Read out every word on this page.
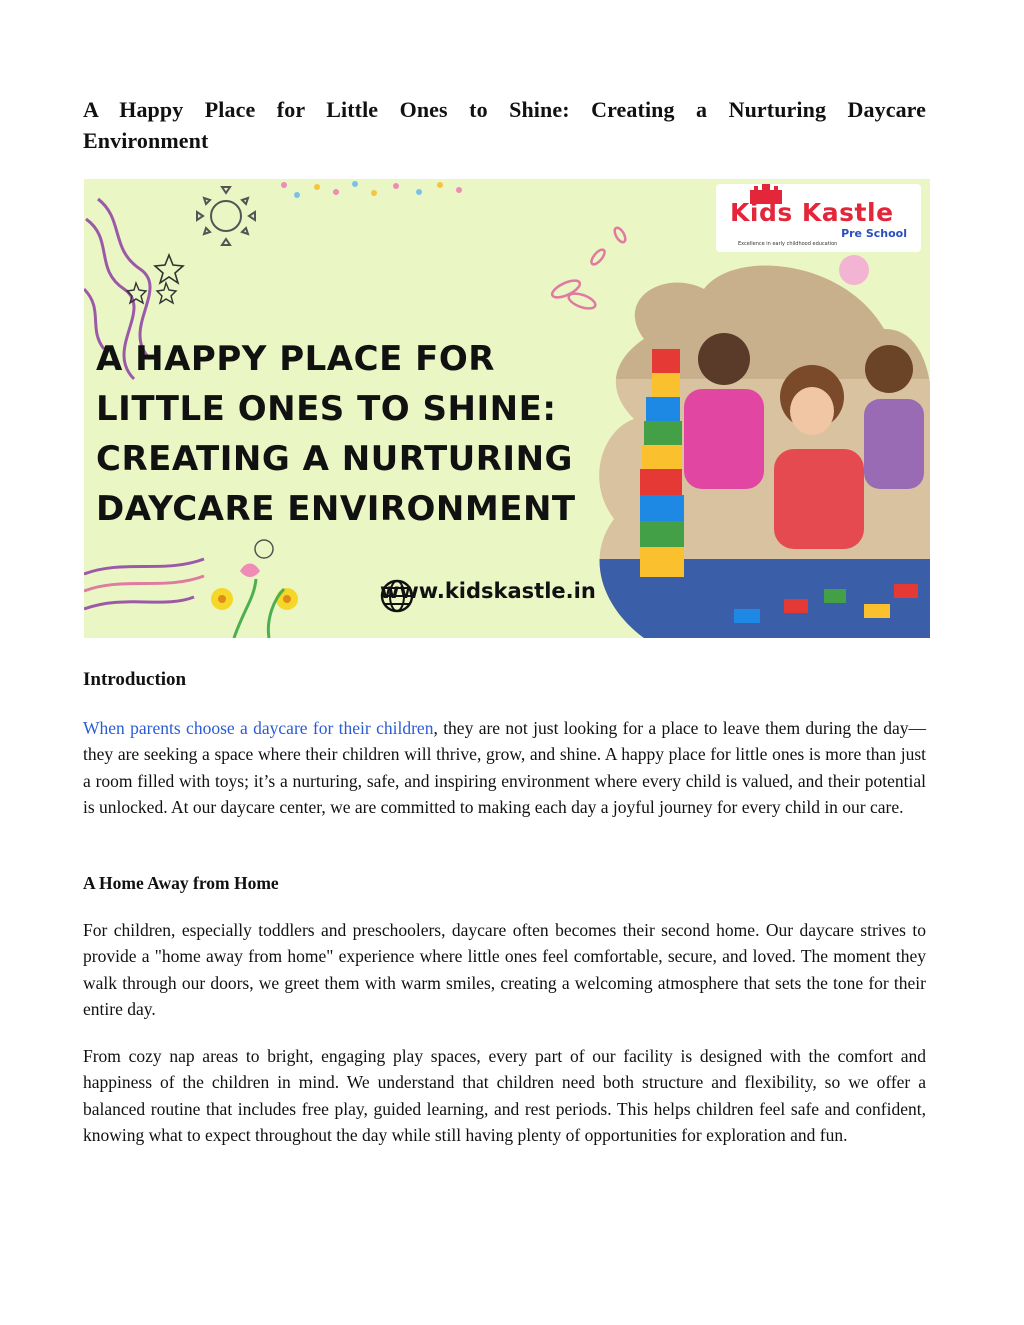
A Happy Place for Little Ones to Shine: Creating a Nurturing Daycare
Environment
A HAPPY PLACE FOR
LITTLE ONES TO SHINE:
CREATING A NURTURING
DAYCARE ENVIRONMENT
www.kidskastle.in
Kids Kastle
Pre School
Excellence in early childhood education
Introduction

When parents choose a daycare for their children, they are not just looking for a place to leave them during the day—they are seeking a space where their children will thrive, grow, and shine. A happy place for little ones is more than just a room filled with toys; it’s a nurturing, safe, and inspiring environment where every child is valued, and their potential is unlocked. At our daycare center, we are committed to making each day a joyful journey for every child in our care.

A Home Away from Home

For children, especially toddlers and preschoolers, daycare often becomes their second home. Our daycare strives to provide a "home away from home" experience where little ones feel comfortable, secure, and loved. The moment they walk through our doors, we greet them with warm smiles, creating a welcoming atmosphere that sets the tone for their entire day.

From cozy nap areas to bright, engaging play spaces, every part of our facility is designed with the comfort and happiness of the children in mind. We understand that children need both structure and flexibility, so we offer a balanced routine that includes free play, guided learning, and rest periods. This helps children feel safe and confident, knowing what to expect throughout the day while still having plenty of opportunities for exploration and fun.
